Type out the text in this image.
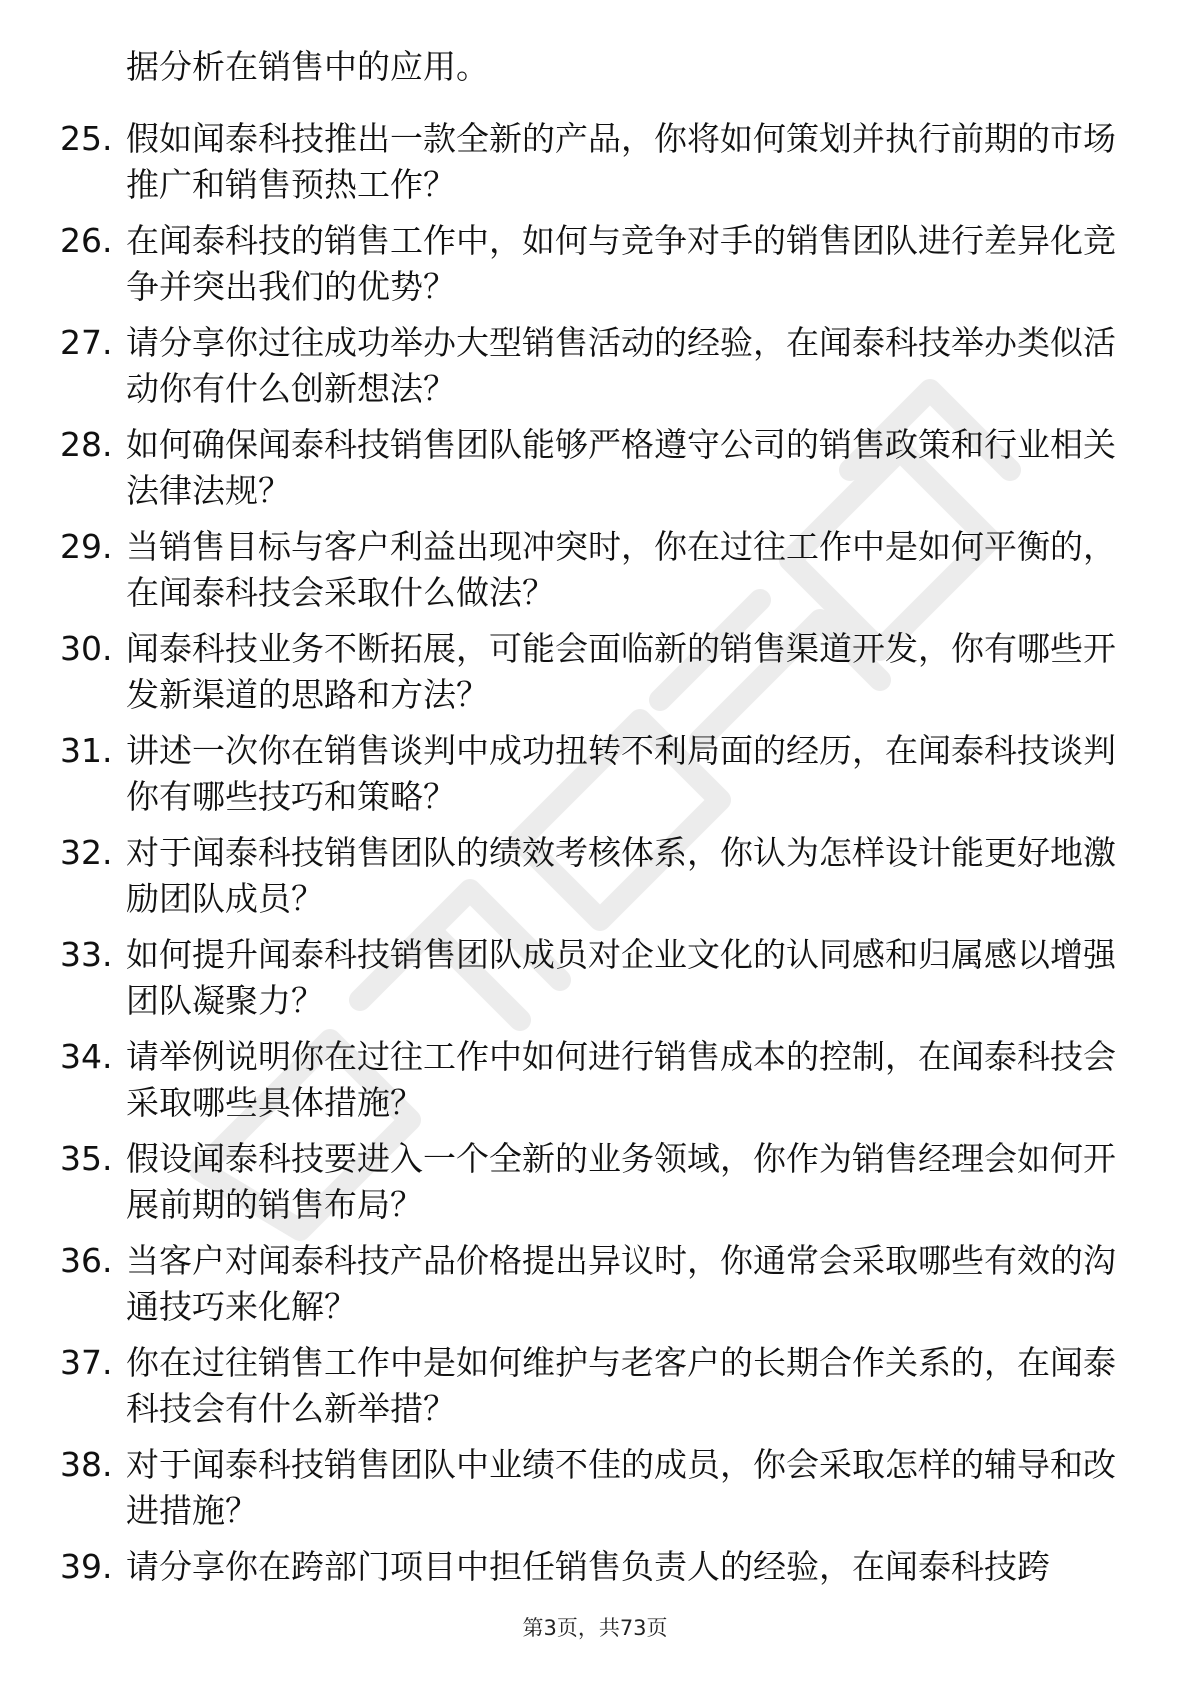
据分析在销售中的应用。
25. 假如闻泰科技推出一款全新的产品，你将如何策划并执行前期的市场推广和销售预热工作？
26. 在闻泰科技的销售工作中，如何与竞争对手的销售团队进行差异化竞争并突出我们的优势？
27. 请分享你过往成功举办大型销售活动的经验，在闻泰科技举办类似活动你有什么创新想法？
28. 如何确保闻泰科技销售团队能够严格遵守公司的销售政策和行业相关法律法规？
29. 当销售目标与客户利益出现冲突时，你在过往工作中是如何平衡的，在闻泰科技会采取什么做法？
30. 闻泰科技业务不断拓展，可能会面临新的销售渠道开发，你有哪些开发新渠道的思路和方法？
31. 讲述一次你在销售谈判中成功扭转不利局面的经历，在闻泰科技谈判你有哪些技巧和策略？
32. 对于闻泰科技销售团队的绩效考核体系，你认为怎样设计能更好地激励团队成员？
33. 如何提升闻泰科技销售团队成员对企业文化的认同感和归属感以增强团队凝聚力？
34. 请举例说明你在过往工作中如何进行销售成本的控制，在闻泰科技会采取哪些具体措施？
35. 假设闻泰科技要进入一个全新的业务领域，你作为销售经理会如何开展前期的销售布局？
36. 当客户对闻泰科技产品价格提出异议时，你通常会采取哪些有效的沟通技巧来化解？
37. 你在过往销售工作中是如何维护与老客户的长期合作关系的，在闻泰科技会有什么新举措？
38. 对于闻泰科技销售团队中业绩不佳的成员，你会采取怎样的辅导和改进措施？
39. 请分享你在跨部门项目中担任销售负责人的经验，在闻泰科技跨
第3页，共73页
